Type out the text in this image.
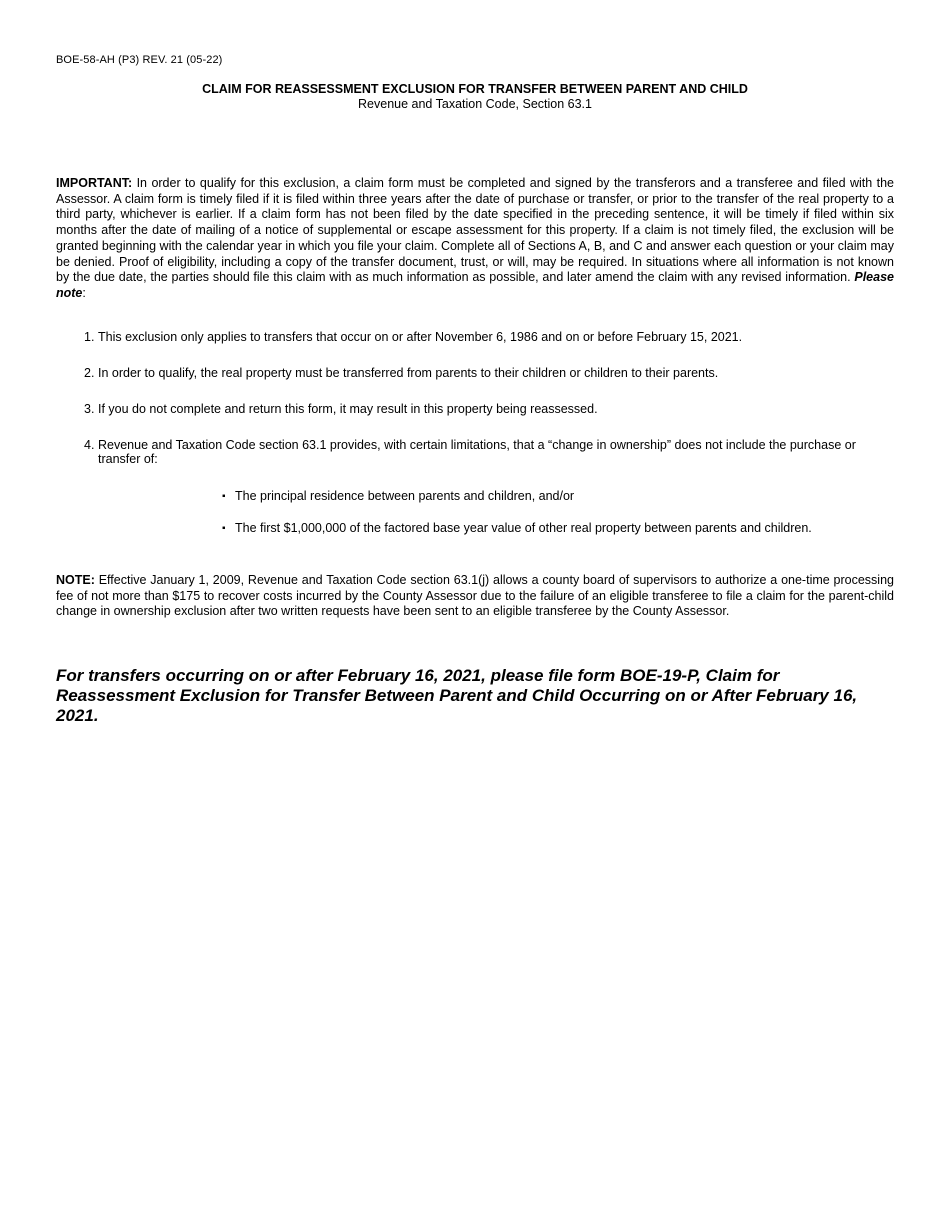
BOE-58-AH (P3) REV. 21 (05-22)
CLAIM FOR REASSESSMENT EXCLUSION FOR TRANSFER BETWEEN PARENT AND CHILD
Revenue and Taxation Code, Section 63.1

IMPORTANT: In order to qualify for this exclusion, a claim form must be completed and signed by the transferors and a transferee and filed with the Assessor. A claim form is timely filed if it is filed within three years after the date of purchase or transfer, or prior to the transfer of the real property to a third party, whichever is earlier. If a claim form has not been filed by the date specified in the preceding sentence, it will be timely if filed within six months after the date of mailing of a notice of supplemental or escape assessment for this property. If a claim is not timely filed, the exclusion will be granted beginning with the calendar year in which you file your claim. Complete all of Sections A, B, and C and answer each question or your claim may be denied. Proof of eligibility, including a copy of the transfer document, trust, or will, may be required. In situations where all information is not known by the due date, the parties should file this claim with as much information as possible, and later amend the claim with any revised information. Please note:

1. This exclusion only applies to transfers that occur on or after November 6, 1986 and on or before February 15, 2021.
2. In order to qualify, the real property must be transferred from parents to their children or children to their parents.
3. If you do not complete and return this form, it may result in this property being reassessed.
4. Revenue and Taxation Code section 63.1 provides, with certain limitations, that a “change in ownership” does not include the purchase or transfer of:
▪ The principal residence between parents and children, and/or
▪ The first $1,000,000 of the factored base year value of other real property between parents and children.

NOTE: Effective January 1, 2009, Revenue and Taxation Code section 63.1(j) allows a county board of supervisors to authorize a one-time processing fee of not more than $175 to recover costs incurred by the County Assessor due to the failure of an eligible transferee to file a claim for the parent-child change in ownership exclusion after two written requests have been sent to an eligible transferee by the County Assessor.

For transfers occurring on or after February 16, 2021, please file form BOE-19-P, Claim for Reassessment Exclusion for Transfer Between Parent and Child Occurring on or After February 16, 2021.
